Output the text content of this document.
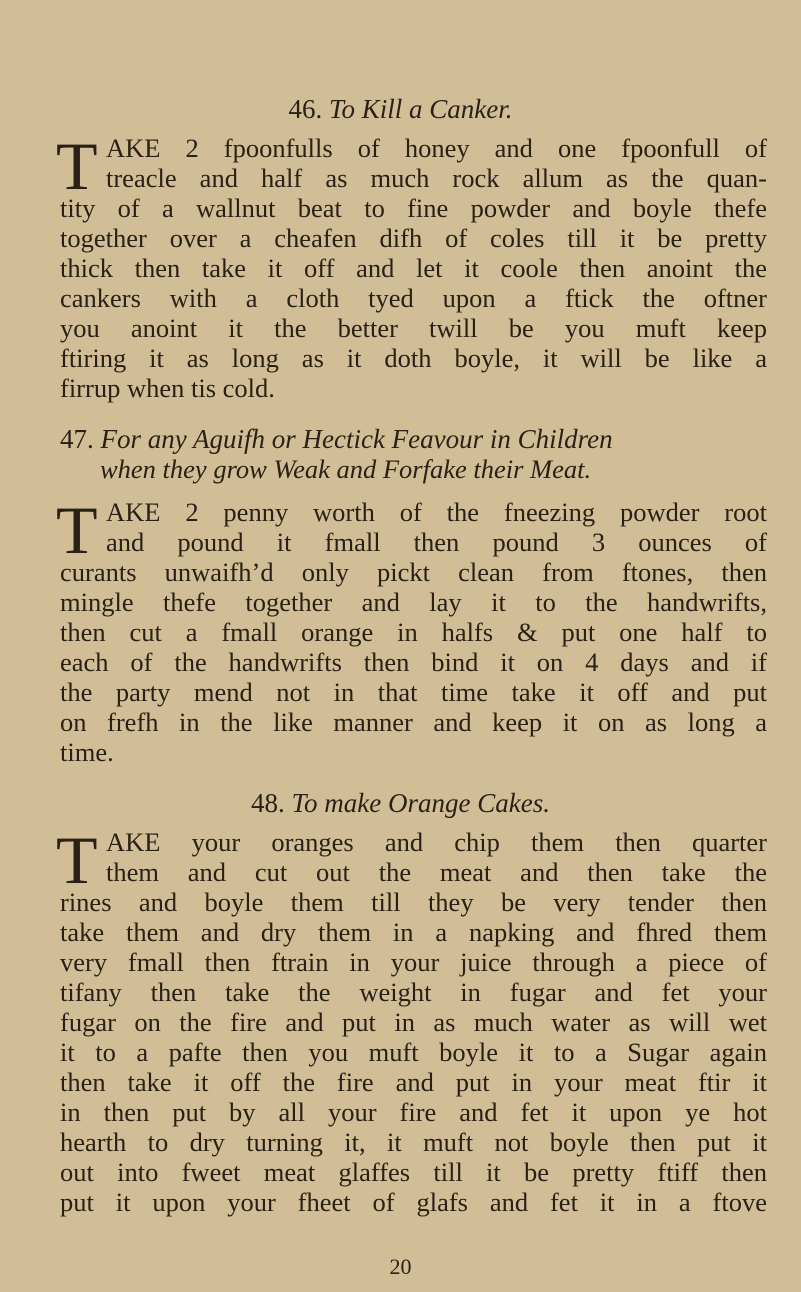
46. To Kill a Canker.
T AKE 2 fpoonfulls of honey and one fpoonfull of
treacle and half as much rock allum as the quan-
tity of a wallnut beat to fine powder and boyle thefe
together over a cheafen difh of coles till it be pretty
thick then take it off and let it coole then anoint the
cankers with a cloth tyed upon a ftick the oftner
you anoint it the better twill be you muft keep
ftiring it as long as it doth boyle, it will be like a
firrup when tis cold.
47. For any Aguifh or Hectick Feavour in Children
when they grow Weak and Forfake their Meat.
T AKE 2 penny worth of the fneezing powder root
and pound it fmall then pound 3 ounces of
curants unwaifh’d only pickt clean from ftones, then
mingle thefe together and lay it to the handwrifts,
then cut a fmall orange in halfs & put one half to
each of the handwrifts then bind it on 4 days and if
the party mend not in that time take it off and put
on frefh in the like manner and keep it on as long a
time.
48. To make Orange Cakes.
T AKE your oranges and chip them then quarter
them and cut out the meat and then take the
rines and boyle them till they be very tender then
take them and dry them in a napking and fhred them
very fmall then ftrain in your juice through a piece of
tifany then take the weight in fugar and fet your
fugar on the fire and put in as much water as will wet
it to a pafte then you muft boyle it to a Sugar again
then take it off the fire and put in your meat ftir it
in then put by all your fire and fet it upon ye hot
hearth to dry turning it, it muft not boyle then put it
out into fweet meat glaffes till it be pretty ftiff then
put it upon your fheet of glafs and fet it in a ftove
20
